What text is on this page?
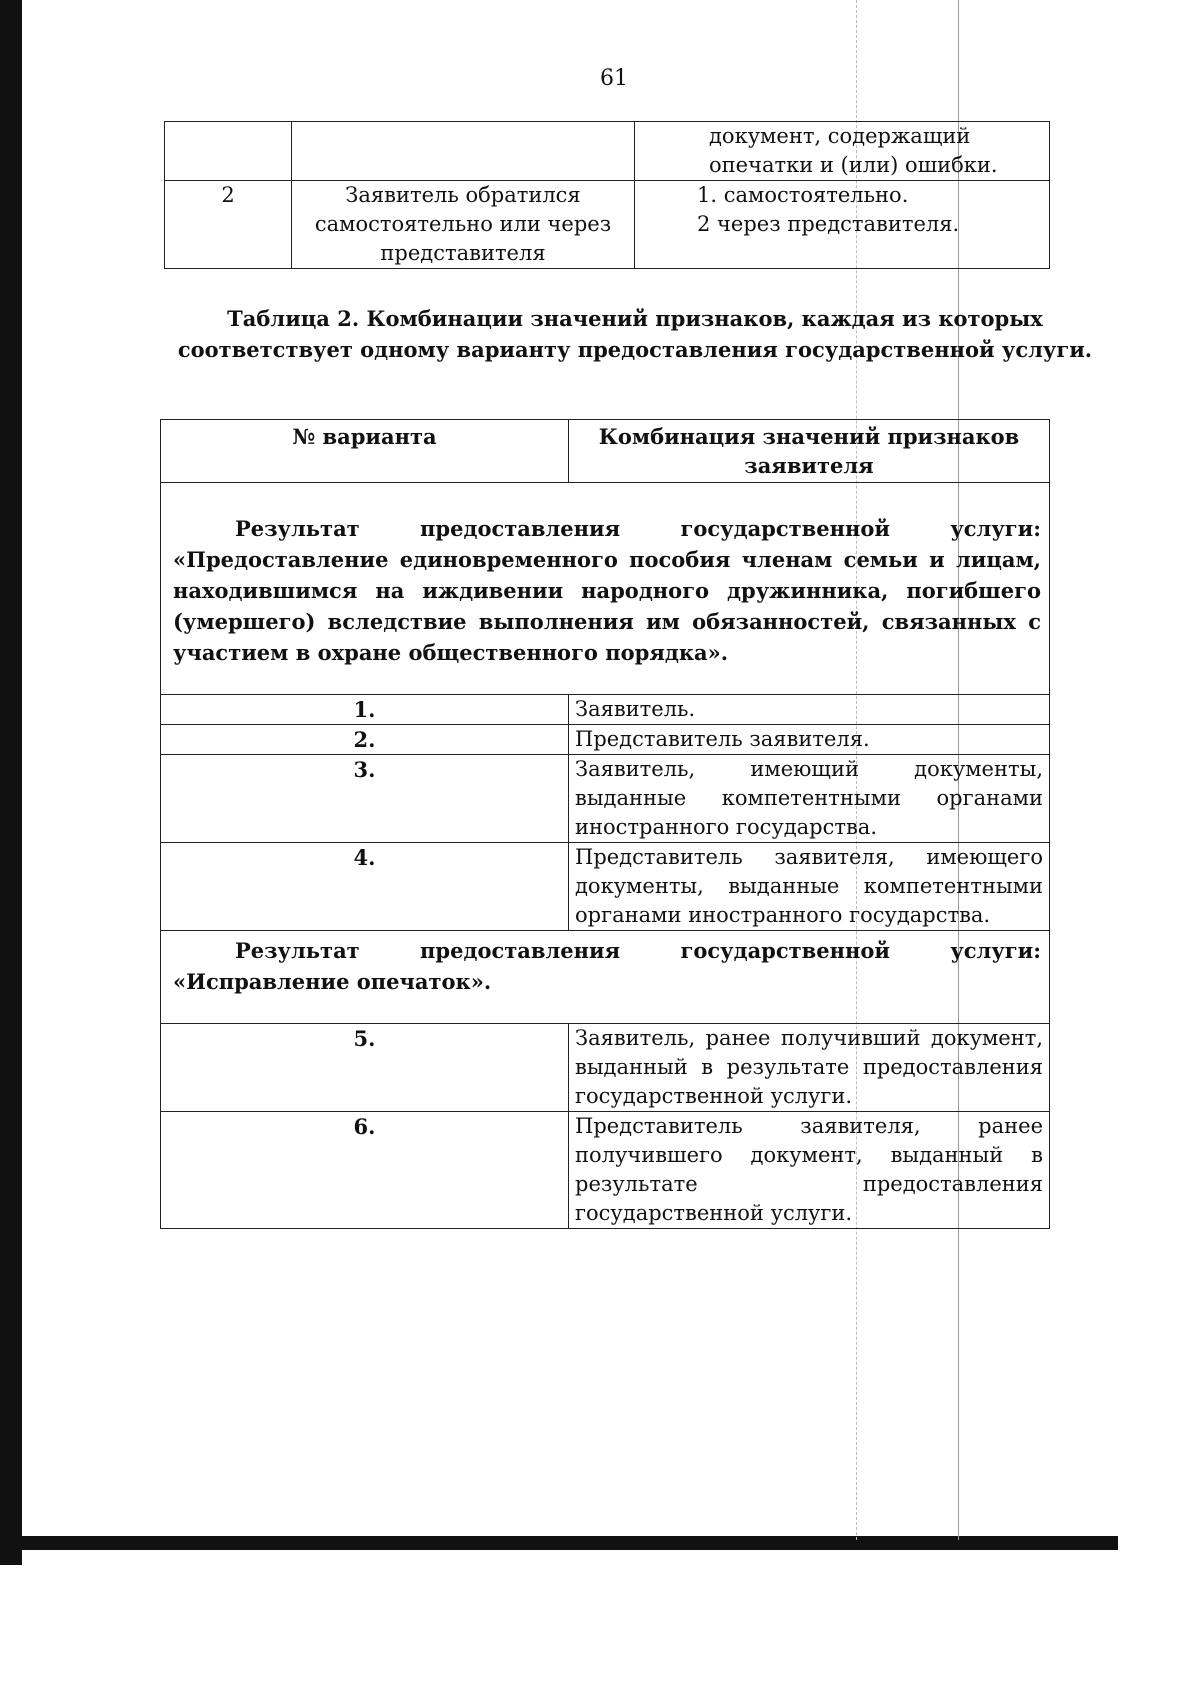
61

		документ, содержащий опечатки и (или) ошибки.

2	Заявитель обратился самостоятельно или через представителя	1. самостоятельно.
2 через представителя.
Таблица 2. Комбинации значений признаков, каждая из которых соответствует одному варианту предоставления государственной услуги.
№ варианта	Комбинация значений признаков заявителя
Результат предоставления государственной услуги: «Предоставление единовременного пособия членам семьи и лицам, находившимся на иждивении народного дружинника, погибшего (умершего) вследствие выполнения им обязанностей, связанных с участием в охране общественного порядка».	
1.	Заявитель.
2.	Представитель заявителя.
3.	Заявитель, имеющий документы, выданные компетентными органами иностранного государства.
4.	Представитель заявителя, имеющего документы, выданные компетентными органами иностранного государства.
Результат предоставления государственной услуги: «Исправление опечаток».	
5.	Заявитель, ранее получивший документ, выданный в результате предоставления государственной услуги.
6.	Представитель заявителя, ранее получившего документ, выданный в результате предоставления государственной услуги.
